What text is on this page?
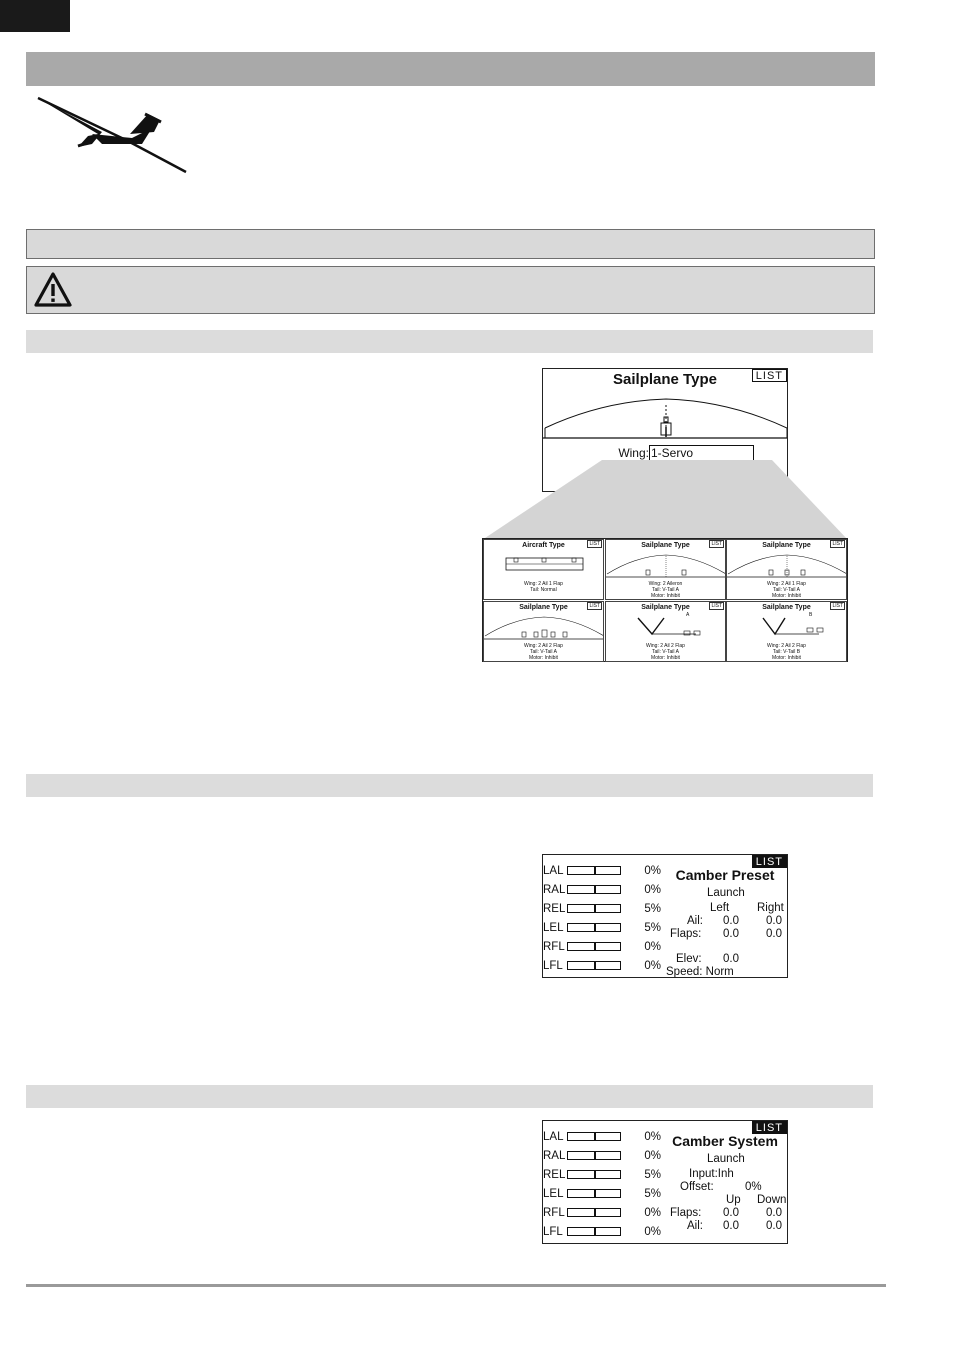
Sailplane Type	LIST
Wing: 1-Servo
Aircraft Type	LIST
Wing: 2 Ail 1 Flap
Tail: Normal
Sailplane Type	LIST
Wing: 2 Aileron
Tail: V-Tail A
Motor: Inhibit
Sailplane Type	LIST
Wing: 2 Ail 1 Flap
Tail: V-Tail A
Motor: Inhibit
Sailplane Type	LIST
Wing: 2 Ail 2 Flap
Tail: V-Tail A
Motor: Inhibit
Sailplane Type	LIST
A
Wing: 2 Ail 2 Flap
Tail: V-Tail A
Motor: Inhibit
Sailplane Type	LIST
B
Wing: 2 Ail 2 Flap
Tail: V-Tail B
Motor: Inhibit
LIST
LAL	0%
RAL	0%
REL	5%
LEL	5%
RFL	0%
LFL	0%
Camber Preset
Launch
Left Right
Ail: 0.0 0.0
Flaps: 0.0 0.0
Elev: 0.0
Speed: Norm
LIST
LAL	0%
RAL	0%
REL	5%
LEL	5%
RFL	0%
LFL	0%
Camber System
Launch
Input:Inh
Offset:	0%
Up Down
Flaps: 0.0 0.0
Ail: 0.0 0.0
